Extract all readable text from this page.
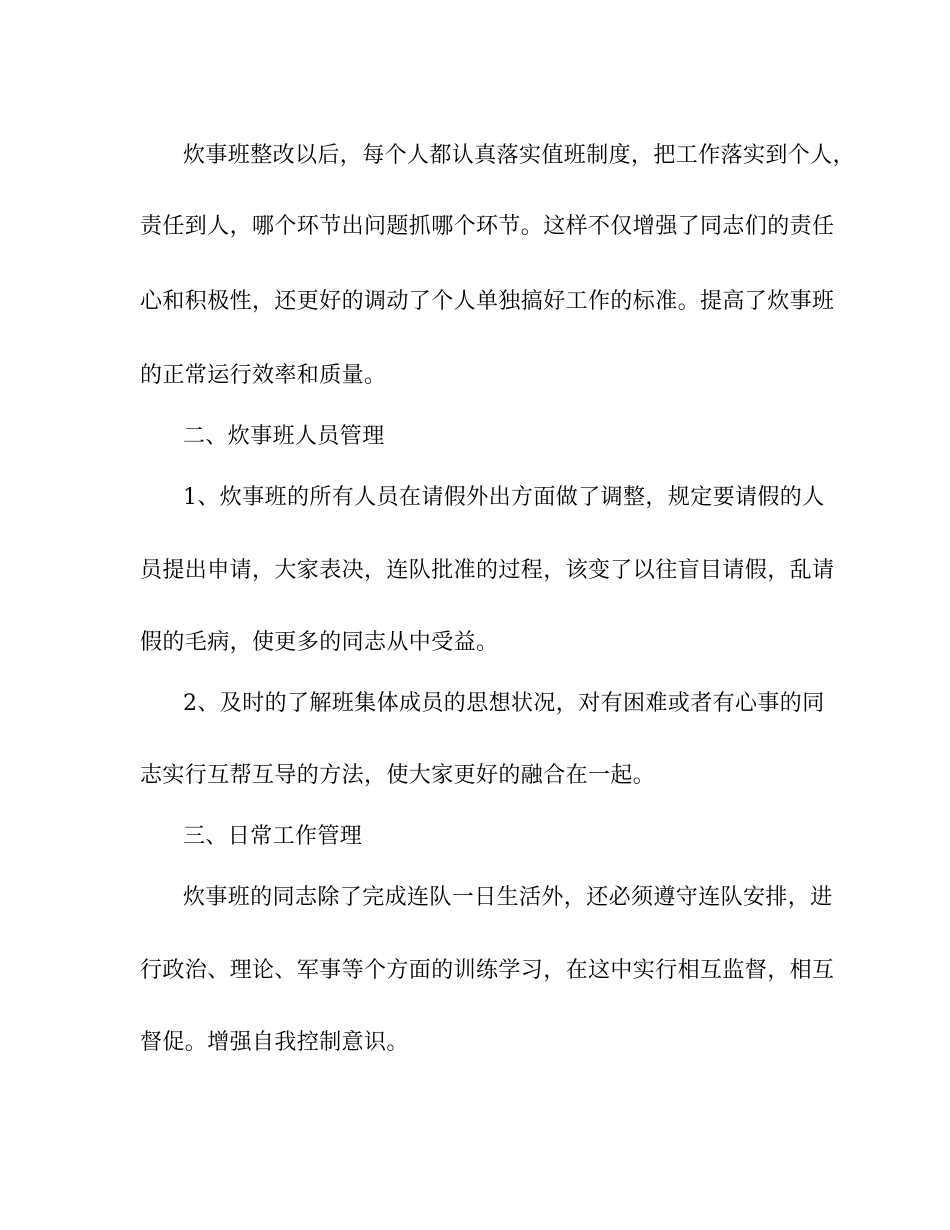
炊事班整改以后，每个人都认真落实值班制度，把工作落实到个人，
责任到人，哪个环节出问题抓哪个环节。这样不仅增强了同志们的责任
心和积极性，还更好的调动了个人单独搞好工作的标准。提高了炊事班
的正常运行效率和质量。
二、炊事班人员管理
1、炊事班的所有人员在请假外出方面做了调整，规定要请假的人
员提出申请，大家表决，连队批准的过程，该变了以往盲目请假，乱请
假的毛病，使更多的同志从中受益。
2、及时的了解班集体成员的思想状况，对有困难或者有心事的同
志实行互帮互导的方法，使大家更好的融合在一起。
三、日常工作管理
炊事班的同志除了完成连队一日生活外，还必须遵守连队安排，进
行政治、理论、军事等个方面的训练学习，在这中实行相互监督，相互
督促。增强自我控制意识。
